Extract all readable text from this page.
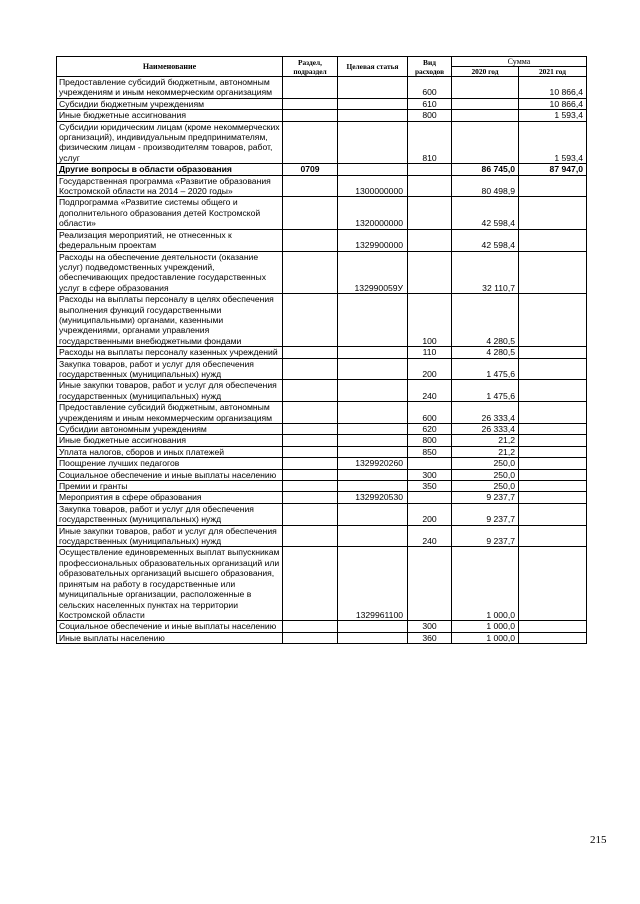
Наименование	Раздел, подраздел	Целевая статья	Вид расходов	Сумма	
				2020 год	2021 год
Предоставление субсидий бюджетным, автономным учреждениям и иным некоммерческим организациям			600		10 866,4
Субсидии бюджетным учреждениям			610		10 866,4
Иные бюджетные ассигнования			800		1 593,4
Субсидии юридическим лицам (кроме некоммерческих организаций), индивидуальным предпринимателям, физическим лицам - производителям товаров, работ, услуг			810		1 593,4
Другие вопросы в области образования	0709			86 745,0	87 947,0
Государственная программа «Развитие образования Костромской области на 2014 – 2020 годы»		1300000000		80 498,9	
Подпрограмма «Развитие системы общего и дополнительного образования детей Костромской области»		1320000000		42 598,4	
Реализация мероприятий, не отнесенных к федеральным проектам		1329900000		42 598,4	
Расходы на обеспечение деятельности (оказание услуг) подведомственных учреждений, обеспечивающих предоставление государственных услуг в сфере образования		132990059У		32 110,7	
Расходы на выплаты персоналу в целях обеспечения выполнения функций государственными (муниципальными) органами, казенными учреждениями, органами управления государственными внебюджетными фондами			100	4 280,5	
Расходы на выплаты персоналу казенных учреждений			110	4 280,5	
Закупка товаров, работ и услуг для обеспечения государственных (муниципальных) нужд			200	1 475,6	
Иные закупки товаров, работ и услуг для обеспечения государственных (муниципальных) нужд			240	1 475,6	
Предоставление субсидий бюджетным, автономным учреждениям и иным некоммерческим организациям			600	26 333,4	
Субсидии автономным учреждениям			620	26 333,4	
Иные бюджетные ассигнования			800	21,2	
Уплата налогов, сборов и иных платежей			850	21,2	
Поощрение лучших педагогов		1329920260		250,0	
Социальное обеспечение и иные выплаты населению			300	250,0	
Премии и гранты			350	250,0	
Мероприятия в сфере образования		1329920530		9 237,7	
Закупка товаров, работ и услуг для обеспечения государственных (муниципальных) нужд			200	9 237,7	
Иные закупки товаров, работ и услуг для обеспечения государственных (муниципальных) нужд			240	9 237,7	
Осуществление единовременных выплат выпускникам профессиональных образовательных организаций или образовательных организаций высшего образования, принятым на работу в государственные или муниципальные организации, расположенные в сельских населенных пунктах на территории Костромской области		1329961100		1 000,0	
Социальное обеспечение и иные выплаты населению			300	1 000,0	
Иные выплаты населению			360	1 000,0	
215
